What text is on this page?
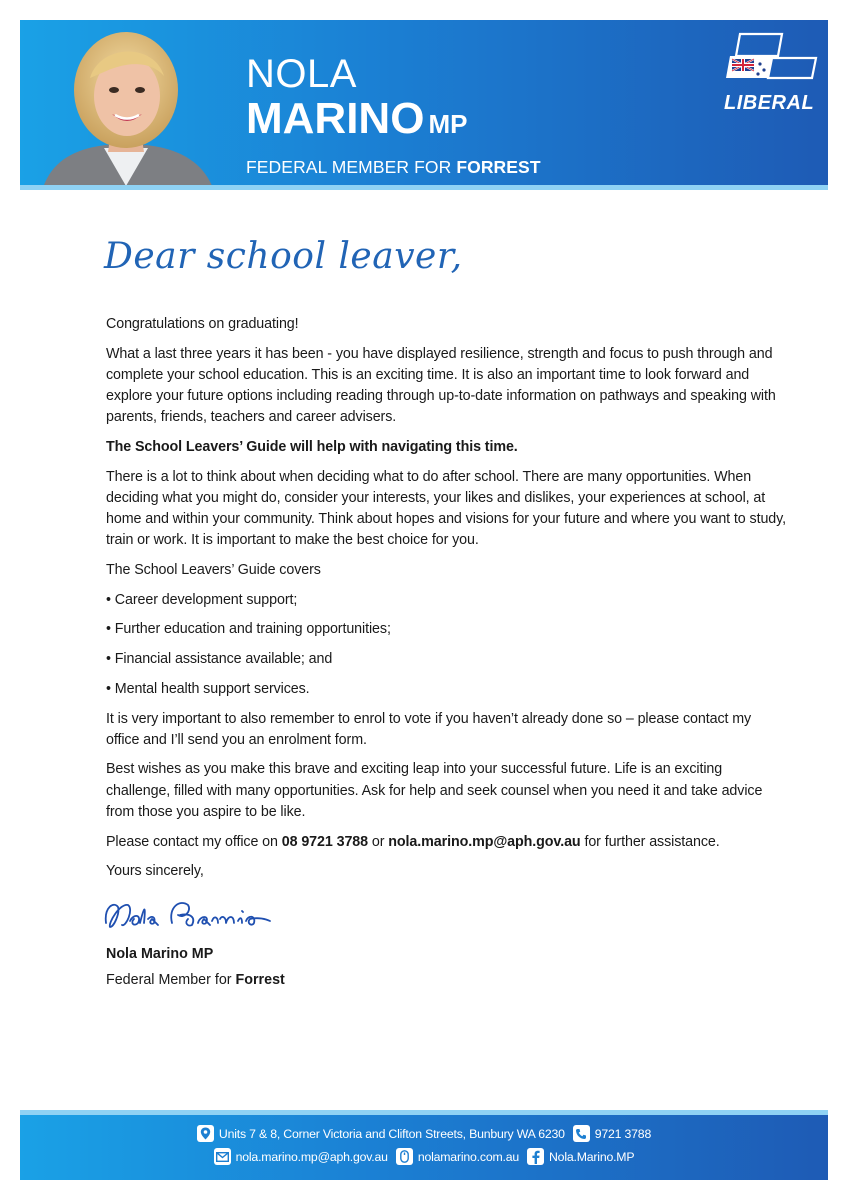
NOLA
MARINO MP
FEDERAL MEMBER FOR FORREST
LIBERAL
Dear school leaver,

Congratulations on graduating!

What a last three years it has been - you have displayed resilience, strength and focus to push through and complete your school education. This is an exciting time. It is also an important time to look forward and explore your future options including reading through up-to-date information on pathways and speaking with parents, friends, teachers and career advisers.

The School Leavers’ Guide will help with navigating this time.

There is a lot to think about when deciding what to do after school. There are many opportunities. When deciding what you might do, consider your interests, your likes and dislikes, your experiences at school, at home and within your community. Think about hopes and visions for your future and where you want to study, train or work. It is important to make the best choice for you.

The School Leavers’ Guide covers

• Career development support;

• Further education and training opportunities;

• Financial assistance available; and

• Mental health support services.

It is very important to also remember to enrol to vote if you haven’t already done so – please contact my office and I’ll send you an enrolment form.

Best wishes as you make this brave and exciting leap into your successful future. Life is an exciting challenge, filled with many opportunities. Ask for help and seek counsel when you need it and take advice from those you aspire to be like.

Please contact my office on 08 9721 3788 or nola.marino.mp@aph.gov.au for further assistance.

Yours sincerely,

Nola Marino MP
Federal Member for Forrest
Units 7 & 8, Corner Victoria and Clifton Streets, Bunbury WA 6230 9721 3788
nola.marino.mp@aph.gov.au nolamarino.com.au Nola.Marino.MP
